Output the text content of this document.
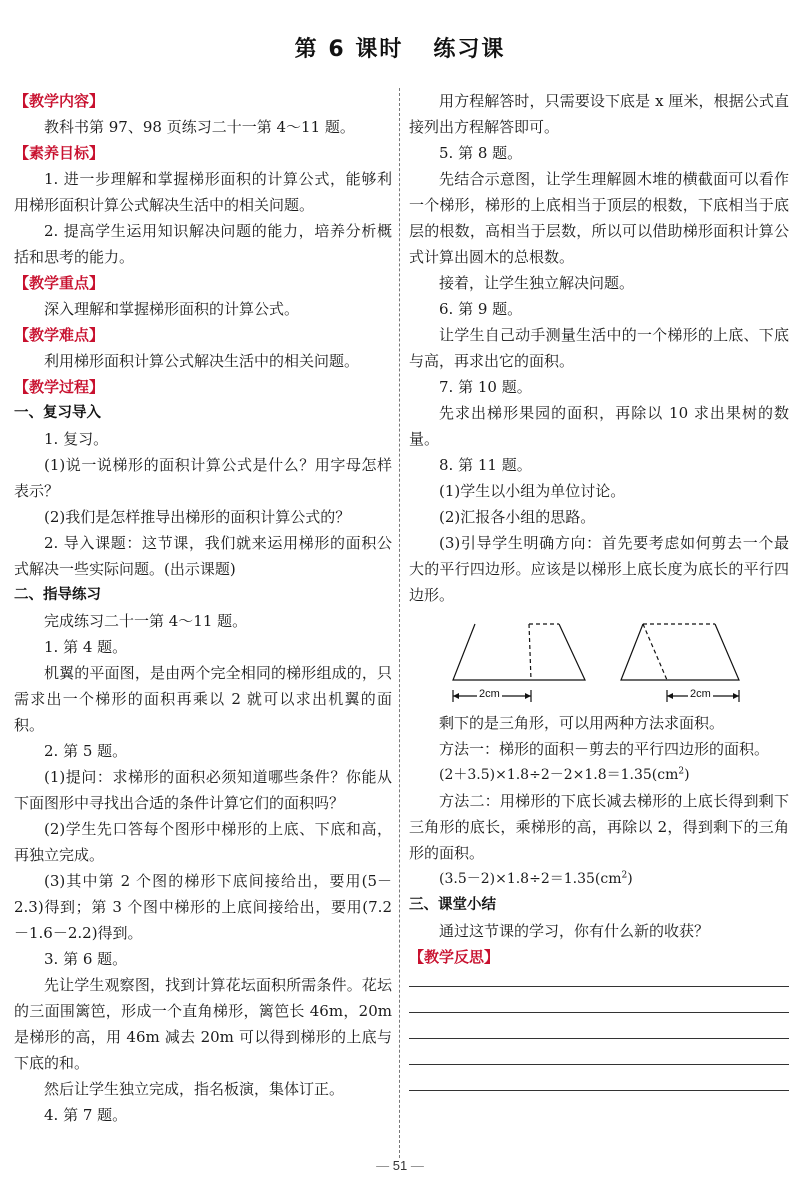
第 6 课时 练习课
【教学内容】

教科书第 97、98 页练习二十一第 4～11 题。

【素养目标】

1. 进一步理解和掌握梯形面积的计算公式，能够利用梯形面积计算公式解决生活中的相关问题。

2. 提高学生运用知识解决问题的能力，培养分析概括和思考的能力。

【教学重点】

深入理解和掌握梯形面积的计算公式。

【教学难点】

利用梯形面积计算公式解决生活中的相关问题。

【教学过程】
一、复习导入

1. 复习。

(1)说一说梯形的面积计算公式是什么？用字母怎样表示？

(2)我们是怎样推导出梯形的面积计算公式的？

2. 导入课题：这节课，我们就来运用梯形的面积公式解决一些实际问题。(出示课题)

二、指导练习

完成练习二十一第 4～11 题。

1. 第 4 题。

机翼的平面图，是由两个完全相同的梯形组成的，只需求出一个梯形的面积再乘以 2 就可以求出机翼的面积。

2. 第 5 题。

(1)提问：求梯形的面积必须知道哪些条件？你能从下面图形中寻找出合适的条件计算它们的面积吗？

(2)学生先口答每个图形中梯形的上底、下底和高，再独立完成。

(3)其中第 2 个图的梯形下底间接给出，要用(5－2.3)得到；第 3 个图中梯形的上底间接给出，要用(7.2－1.6－2.2)得到。

3. 第 6 题。

先让学生观察图，找到计算花坛面积所需条件。花坛的三面围篱笆，形成一个直角梯形，篱笆长 46m，20m 是梯形的高，用 46m 减去 20m 可以得到梯形的上底与下底的和。

然后让学生独立完成，指名板演，集体订正。

4. 第 7 题。

用方程解答时，只需要设下底是 x 厘米，根据公式直接列出方程解答即可。

5. 第 8 题。

先结合示意图，让学生理解圆木堆的横截面可以看作一个梯形，梯形的上底相当于顶层的根数，下底相当于底层的根数，高相当于层数，所以可以借助梯形面积计算公式计算出圆木的总根数。

接着，让学生独立解决问题。

6. 第 9 题。

让学生自己动手测量生活中的一个梯形的上底、下底与高，再求出它的面积。

7. 第 10 题。

先求出梯形果园的面积，再除以 10 求出果树的数量。

8. 第 11 题。

(1)学生以小组为单位讨论。

(2)汇报各小组的思路。

(3)引导学生明确方向：首先要考虑如何剪去一个最大的平行四边形。应该是以梯形上底长度为底长的平行四边形。

2cm	2cm

剩下的是三角形，可以用两种方法求面积。

方法一：梯形的面积－剪去的平行四边形的面积。

$(2+3.5)\times 1.8\div 2-2\times 1.8=1.35(cm^2)$

方法二：用梯形的下底长减去梯形的上底长得到剩下三角形的底长，乘梯形的高，再除以 2，得到剩下的三角形的面积。

$(3.5-2)\times 1.8\div 2=1.35(cm^2)$

三、课堂小结

通过这节课的学习，你有什么新的收获？

【教学反思】
— 51 —
